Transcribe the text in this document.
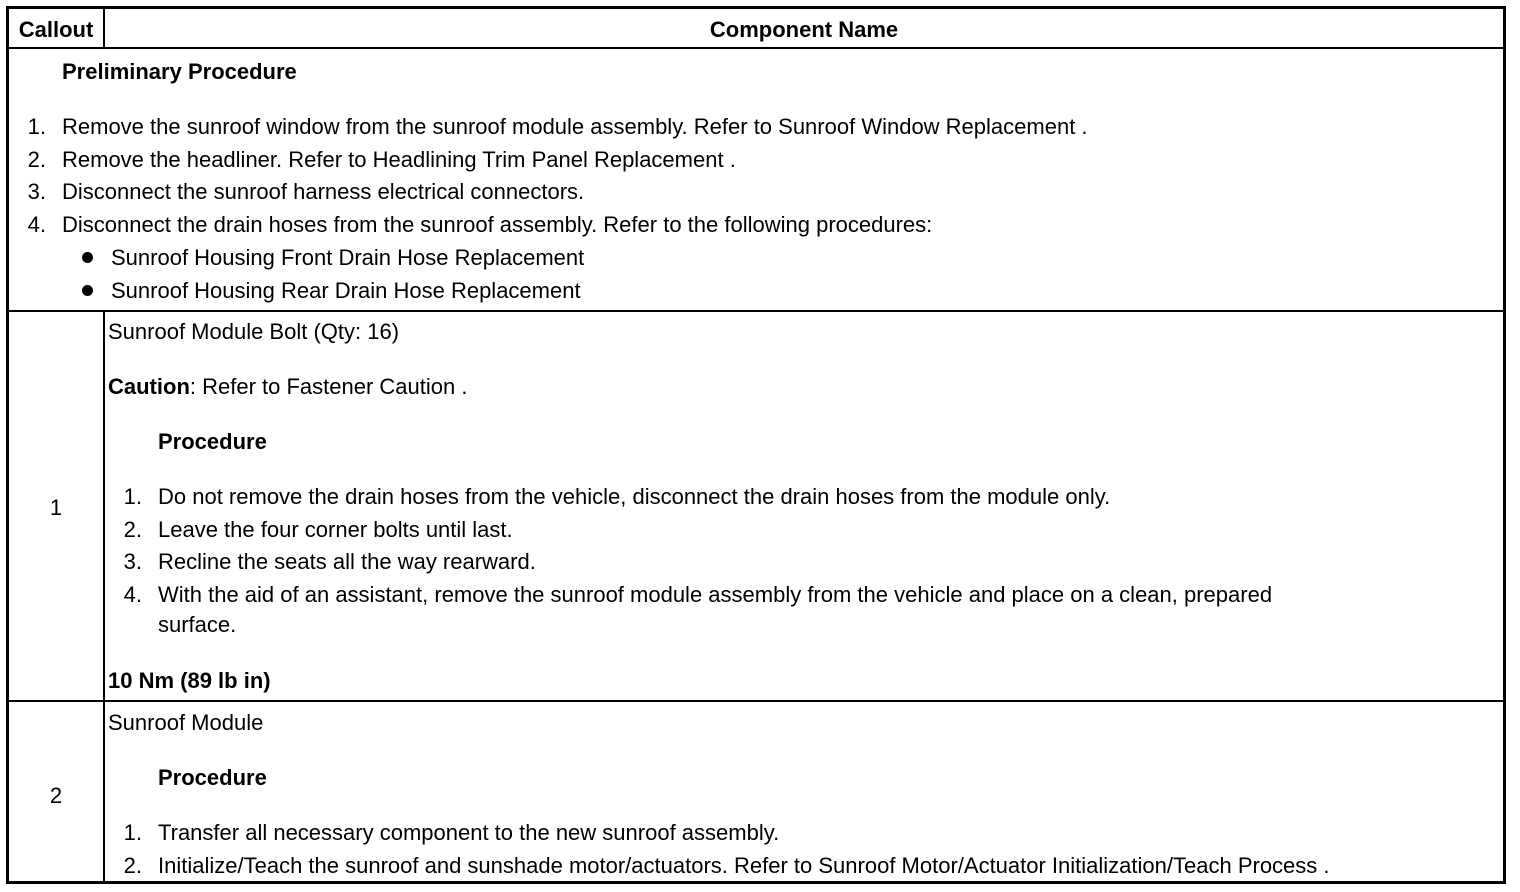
Callout	Component Name
Preliminary Procedure
1. Remove the sunroof window from the sunroof module assembly. Refer to Sunroof Window Replacement .
2. Remove the headliner. Refer to Headlining Trim Panel Replacement .
3. Disconnect the sunroof harness electrical connectors.
4. Disconnect the drain hoses from the sunroof assembly. Refer to the following procedures:
Sunroof Housing Front Drain Hose Replacement
Sunroof Housing Rear Drain Hose Replacement
1
Sunroof Module Bolt (Qty: 16)
Caution: Refer to Fastener Caution .
Procedure
1. Do not remove the drain hoses from the vehicle, disconnect the drain hoses from the module only.
2. Leave the four corner bolts until last.
3. Recline the seats all the way rearward.
4. With the aid of an assistant, remove the sunroof module assembly from the vehicle and place on a clean, prepared
surface.
10 Nm (89 lb in)
2
Sunroof Module
Procedure
1. Transfer all necessary component to the new sunroof assembly.
2. Initialize/Teach the sunroof and sunshade motor/actuators. Refer to Sunroof Motor/Actuator Initialization/Teach Process .
